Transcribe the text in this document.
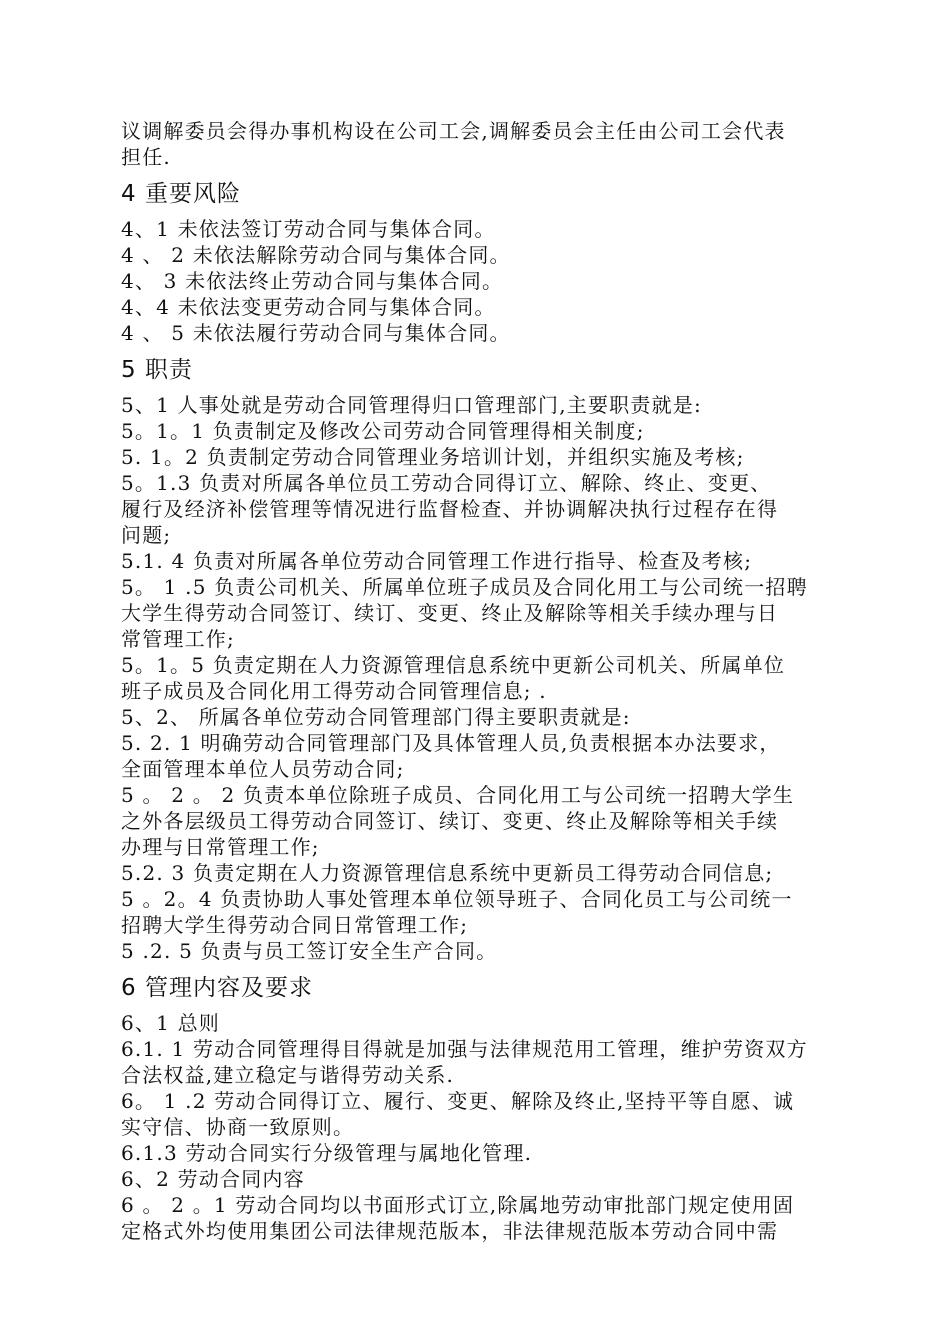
议调解委员会得办事机构设在公司工会,调解委员会主任由公司工会代表
担任.
4 重要风险
4、1 未依法签订劳动合同与集体合同。
4 、 2 未依法解除劳动合同与集体合同。
4、 3 未依法终止劳动合同与集体合同。
4、4 未依法变更劳动合同与集体合同。
4 、 5 未依法履行劳动合同与集体合同。
5 职责
5、1 人事处就是劳动合同管理得归口管理部门,主要职责就是:
5。1。1 负责制定及修改公司劳动合同管理得相关制度;
5. 1。2 负责制定劳动合同管理业务培训计划，并组织实施及考核;
5。1.3 负责对所属各单位员工劳动合同得订立、解除、终止、变更、
履行及经济补偿管理等情况进行监督检查、并协调解决执行过程存在得
问题;
5.1. 4 负责对所属各单位劳动合同管理工作进行指导、检查及考核;
5。 1 .5 负责公司机关、所属单位班子成员及合同化用工与公司统一招聘
大学生得劳动合同签订、续订、变更、终止及解除等相关手续办理与日
常管理工作;
5。1。5 负责定期在人力资源管理信息系统中更新公司机关、所属单位
班子成员及合同化用工得劳动合同管理信息; .
5、2、 所属各单位劳动合同管理部门得主要职责就是:
5. 2. 1 明确劳动合同管理部门及具体管理人员,负责根据本办法要求，
全面管理本单位人员劳动合同;
5 。 2 。 2 负责本单位除班子成员、合同化用工与公司统一招聘大学生
之外各层级员工得劳动合同签订、续订、变更、终止及解除等相关手续
办理与日常管理工作;
5.2. 3 负责定期在人力资源管理信息系统中更新员工得劳动合同信息;
5 。2。4 负责协助人事处管理本单位领导班子、合同化员工与公司统一
招聘大学生得劳动合同日常管理工作;
5 .2. 5 负责与员工签订安全生产合同。
6 管理内容及要求
6、1 总则
6.1. 1 劳动合同管理得目得就是加强与法律规范用工管理，维护劳资双方
合法权益,建立稳定与谐得劳动关系.
6。 1 .2 劳动合同得订立、履行、变更、解除及终止,坚持平等自愿、诚
实守信、协商一致原则。
6.1.3 劳动合同实行分级管理与属地化管理.
6、2 劳动合同内容
6 。 2 。1 劳动合同均以书面形式订立,除属地劳动审批部门规定使用固
定格式外均使用集团公司法律规范版本，非法律规范版本劳动合同中需
